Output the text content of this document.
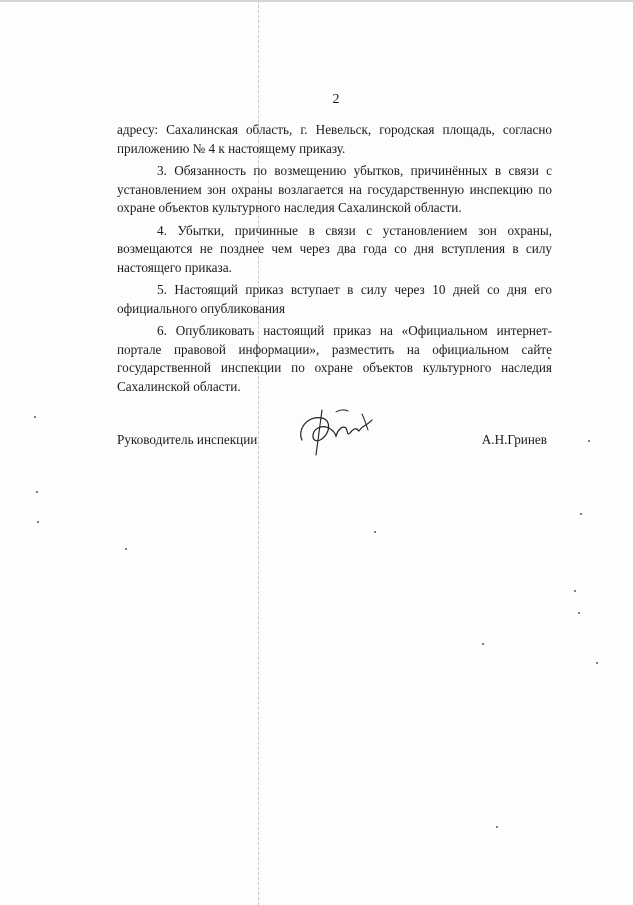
2

адресу: Сахалинская область, г. Невельск, городская площадь, согласно приложению № 4 к настоящему приказу.

3. Обязанность по возмещению убытков, причинённых в связи с установлением зон охраны возлагается на государственную инспекцию по охране объектов культурного наследия Сахалинской области.

4. Убытки, причинные в связи с установлением зон охраны, возмещаются не позднее чем через два года со дня вступления в силу настоящего приказа.

5. Настоящий приказ вступает в силу через 10 дней со дня его официального опубликования

6. Опубликовать настоящий приказ на «Официальном интернет-портале правовой информации», разместить на официальном сайте государственной инспекции по охране объектов культурного наследия Сахалинской области.

Руководитель инспекции	А.Н.Гринев
